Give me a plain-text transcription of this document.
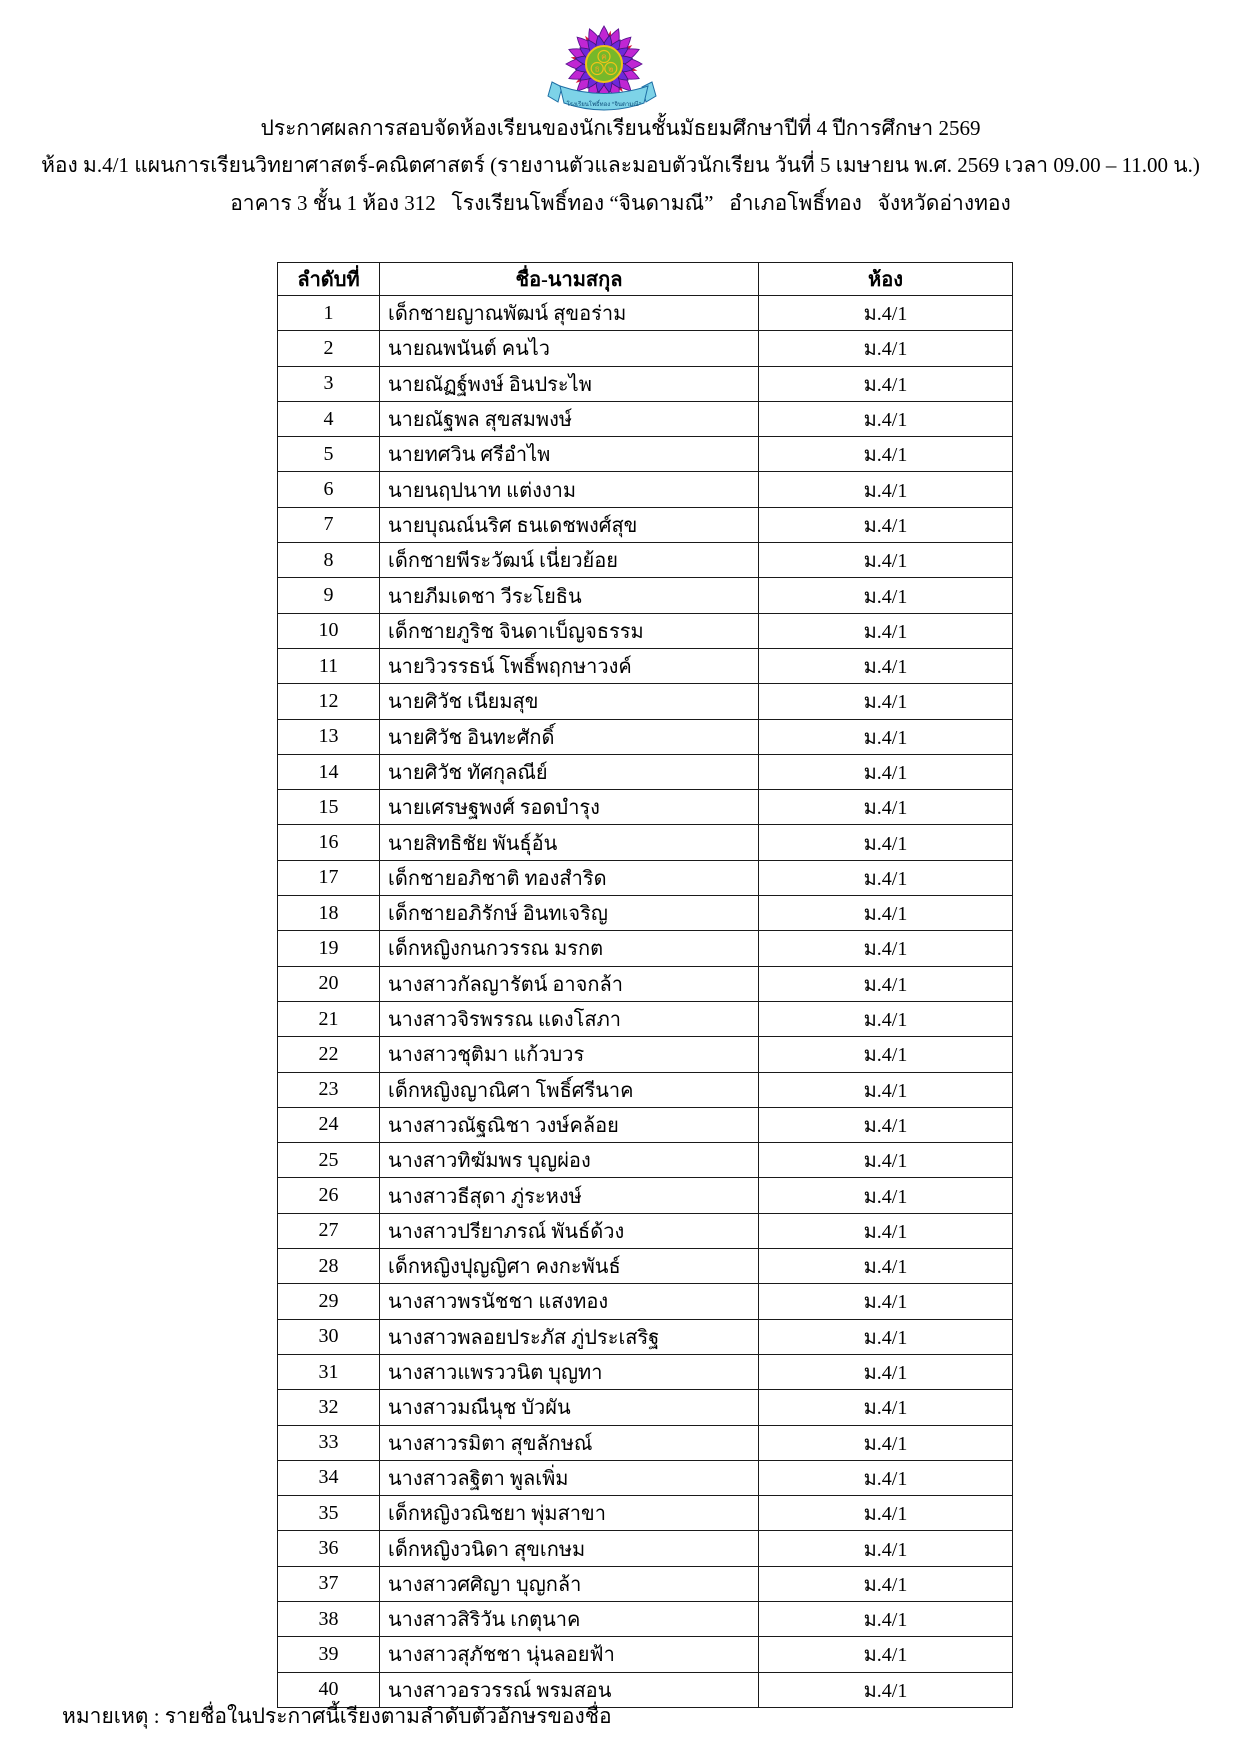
ค
ธ ๒
โรงเรียนโพธิ์ทอง “จินดามณี”
ประกาศผลการสอบจัดห้องเรียนของนักเรียนชั้นมัธยมศึกษาปีที่ 4 ปีการศึกษา 2569
ห้อง ม.4/1 แผนการเรียนวิทยาศาสตร์-คณิตศาสตร์ (รายงานตัวและมอบตัวนักเรียน วันที่ 5 เมษายน พ.ศ. 2569 เวลา 09.00 – 11.00 น.)
อาคาร 3 ชั้น 1 ห้อง 312   โรงเรียนโพธิ์ทอง “จินดามณี”   อำเภอโพธิ์ทอง   จังหวัดอ่างทอง
ลำดับที่	ชื่อ-นามสกุล	ห้อง
1	เด็กชายญาณพัฒน์ สุขอร่าม	ม.4/1
2	นายณพนันต์ คนไว	ม.4/1
3	นายณัฏฐ์พงษ์ อินประไพ	ม.4/1
4	นายณัฐพล สุขสมพงษ์	ม.4/1
5	นายทศวิน ศรีอำไพ	ม.4/1
6	นายนฤปนาท แต่งงาม	ม.4/1
7	นายบุณณ์นริศ ธนเดชพงศ์สุข	ม.4/1
8	เด็กชายพีระวัฒน์ เนี่ยวย้อย	ม.4/1
9	นายภีมเดชา วีระโยธิน	ม.4/1
10	เด็กชายภูริช จินดาเบ็ญจธรรม	ม.4/1
11	นายวิวรรธน์ โพธิ์พฤกษาวงค์	ม.4/1
12	นายศิวัช เนียมสุข	ม.4/1
13	นายศิวัช อินทะศักดิ์	ม.4/1
14	นายศิวัช ทัศกุลณีย์	ม.4/1
15	นายเศรษฐพงศ์ รอดบำรุง	ม.4/1
16	นายสิทธิชัย พันธุ์อ้น	ม.4/1
17	เด็กชายอภิชาติ ทองสำริด	ม.4/1
18	เด็กชายอภิรักษ์ อินทเจริญ	ม.4/1
19	เด็กหญิงกนกวรรณ มรกต	ม.4/1
20	นางสาวกัลญารัตน์ อาจกล้า	ม.4/1
21	นางสาวจิรพรรณ แดงโสภา	ม.4/1
22	นางสาวชุติมา แก้วบวร	ม.4/1
23	เด็กหญิงญาณิศา โพธิ์ศรีนาค	ม.4/1
24	นางสาวณัฐณิชา วงษ์คล้อย	ม.4/1
25	นางสาวทิฆัมพร บุญผ่อง	ม.4/1
26	นางสาวธีสุดา ภู่ระหงษ์	ม.4/1
27	นางสาวปรียาภรณ์ พันธ์ด้วง	ม.4/1
28	เด็กหญิงปุญญิศา คงกะพันธ์	ม.4/1
29	นางสาวพรนัชชา แสงทอง	ม.4/1
30	นางสาวพลอยประภัส ภู่ประเสริฐ	ม.4/1
31	นางสาวแพรววนิต บุญทา	ม.4/1
32	นางสาวมณีนุช บัวผัน	ม.4/1
33	นางสาวรมิตา สุขลักษณ์	ม.4/1
34	นางสาวลฐิตา พูลเพิ่ม	ม.4/1
35	เด็กหญิงวณิชยา พุ่มสาขา	ม.4/1
36	เด็กหญิงวนิดา สุขเกษม	ม.4/1
37	นางสาวศศิญา บุญกล้า	ม.4/1
38	นางสาวสิริวัน เกตุนาค	ม.4/1
39	นางสาวสุภัชชา นุ่นลอยฟ้า	ม.4/1
40	นางสาวอรวรรณ์ พรมสอน	ม.4/1
หมายเหตุ : รายชื่อในประกาศนี้เรียงตามลำดับตัวอักษรของชื่อ
